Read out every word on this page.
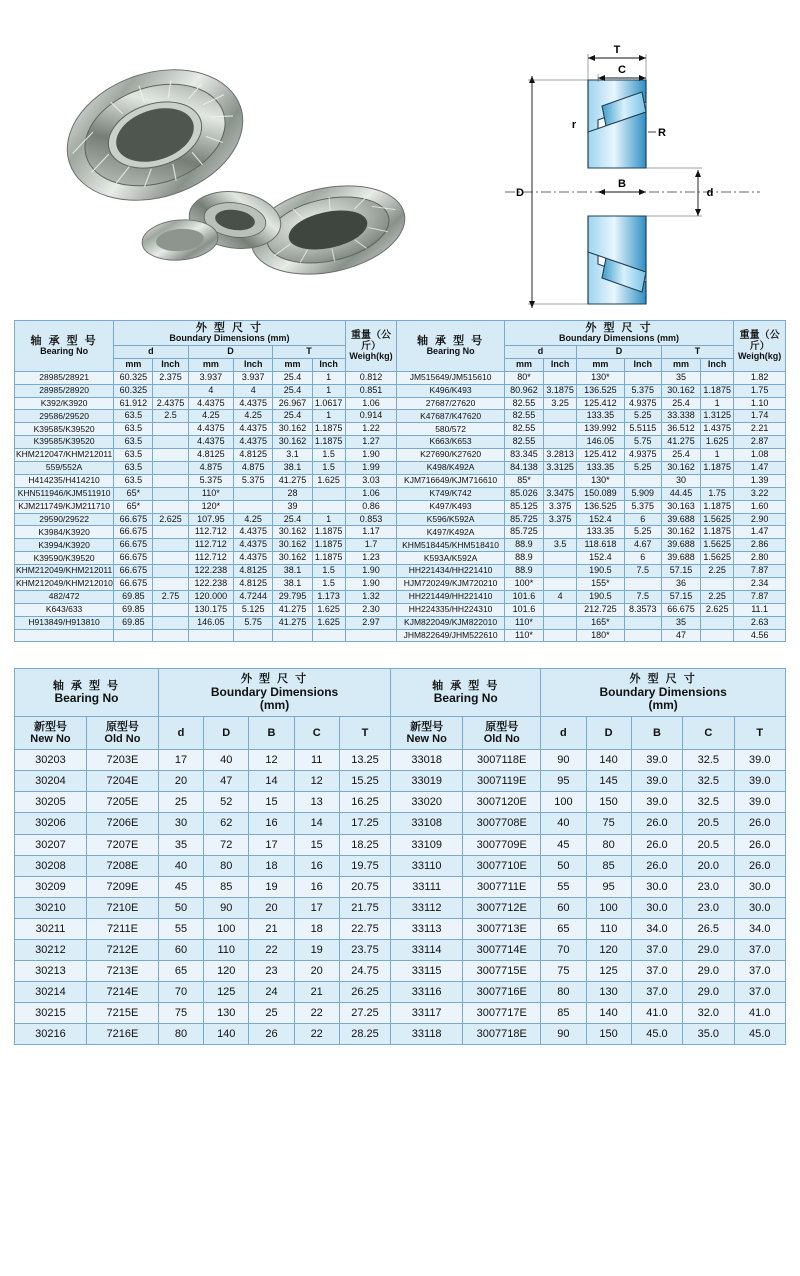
T
C
r
R
D
B
d
轴 承 型 号
Bearing No

外 型 尺 寸
Boundary Dimensions (mm)	重量（公斤）
Weigh(kg)

轴 承 型 号
Bearing No

外 型 尺 寸
Boundary Dimensions (mm)	重量（公斤）
Weigh(kg)

	d		D		T				d		D		T		
	mm	Inch	mm	Inch	mm	Inch			mm	Inch	mm	Inch	mm	Inch	
28985/28921	60.325	2.375	3.937	3.937	25.4	1	0.812	JM515649/JM515610	80*		130*		35		1.82
28985/28920	60.325		4	4	25.4	1	0.851	K496/K493	80.962	3.1875	136.525	5.375	30.162	1.1875	1.75
K392/K3920	61.912	2.4375	4.4375	4.4375	26.967	1.0617	1.06	27687/27620	82.55	3.25	125.412	4.9375	25.4	1	1.10
29586/29520	63.5	2.5	4.25	4.25	25.4	1	0.914	K47687/K47620	82.55		133.35	5.25	33.338	1.3125	1.74
K39585/K39520	63.5		4.4375	4.4375	30.162	1.1875	1.22	580/572	82.55		139.992	5.5115	36.512	1.4375	2.21
K39585/K39520	63.5		4.4375	4.4375	30.162	1.1875	1.27	K663/K653	82.55		146.05	5.75	41.275	1.625	2.87
KHM212047/KHM212011	63.5		4.8125	4.8125	3.1	1.5	1.90	K27690/K27620	83.345	3.2813	125.412	4.9375	25.4	1	1.08
559/552A	63.5		4.875	4.875	38.1	1.5	1.99	K498/K492A	84.138	3.3125	133.35	5.25	30.162	1.1875	1.47
H414235/H414210	63.5		5.375	5.375	41.275	1.625	3.03	KJM716649/KJM716610	85*		130*		30		1.39
KHN511946/KJM511910	65*		110*		28		1.06	K749/K742	85.026	3.3475	150.089	5.909	44.45	1.75	3.22
KJM211749/KJM211710	65*		120*		39		0.86	K497/K493	85.125	3.375	136.525	5.375	30.163	1.1875	1.60
29590/29522	66.675	2.625	107.95	4.25	25.4	1	0.853	K596/K592A	85.725	3.375	152.4	6	39.688	1.5625	2.90
K3984/K3920	66.675		112.712	4.4375	30.162	1.1875	1.17	K497/K492A	85.725		133.35	5.25	30.162	1.1875	1.47
K3994/K3920	66.675		112.712	4.4375	30.162	1.1875	1.7	KHM518445/KHM518410	88.9	3.5	118.618	4.67	39.688	1.5625	2.86
K39590/K39520	66.675		112.712	4.4375	30.162	1.1875	1.23	K593A/K592A	88.9		152.4	6	39.688	1.5625	2.80
KHM212049/KHM212011	66.675		122.238	4.8125	38.1	1.5	1.90	HH221434/HH221410	88.9		190.5	7.5	57.15	2.25	7.87
KHM212049/KHM212010	66.675		122.238	4.8125	38.1	1.5	1.90	HJM720249/KJM720210	100*		155*		36		2.34
482/472	69.85	2.75	120.000	4.7244	29.795	1.173	1.32	HH221449/HH221410	101.6	4	190.5	7.5	57.15	2.25	7.87
K643/633	69.85		130.175	5.125	41.275	1.625	2.30	HH224335/HH224310	101.6		212.725	8.3573	66.675	2.625	11.1
H913849/H913810	69.85		146.05	5.75	41.275	1.625	2.97	KJM822049/KJM822010	110*		165*		35		2.63
								JHM822649/JHM522610	110*		180*		47		4.56
轴 承 型 号
Bearing No

外 型 尺 寸
Boundary Dimensions
(mm)

轴 承 型 号
Bearing No

外 型 尺 寸
Boundary Dimensions
(mm)

新型号
New No

原型号
Old No
	d	D	B	C	T	
新型号
New No

原型号
Old No
	d	D	B	C	T
30203	7203E	17	40	12	11	13.25	33018	3007118E	90	140	39.0	32.5	39.0
30204	7204E	20	47	14	12	15.25	33019	3007119E	95	145	39.0	32.5	39.0
30205	7205E	25	52	15	13	16.25	33020	3007120E	100	150	39.0	32.5	39.0
30206	7206E	30	62	16	14	17.25	33108	3007708E	40	75	26.0	20.5	26.0
30207	7207E	35	72	17	15	18.25	33109	3007709E	45	80	26.0	20.5	26.0
30208	7208E	40	80	18	16	19.75	33110	3007710E	50	85	26.0	20.0	26.0
30209	7209E	45	85	19	16	20.75	33111	3007711E	55	95	30.0	23.0	30.0
30210	7210E	50	90	20	17	21.75	33112	3007712E	60	100	30.0	23.0	30.0
30211	7211E	55	100	21	18	22.75	33113	3007713E	65	110	34.0	26.5	34.0
30212	7212E	60	110	22	19	23.75	33114	3007714E	70	120	37.0	29.0	37.0
30213	7213E	65	120	23	20	24.75	33115	3007715E	75	125	37.0	29.0	37.0
30214	7214E	70	125	24	21	26.25	33116	3007716E	80	130	37.0	29.0	37.0
30215	7215E	75	130	25	22	27.25	33117	3007717E	85	140	41.0	32.0	41.0
30216	7216E	80	140	26	22	28.25	33118	3007718E	90	150	45.0	35.0	45.0
